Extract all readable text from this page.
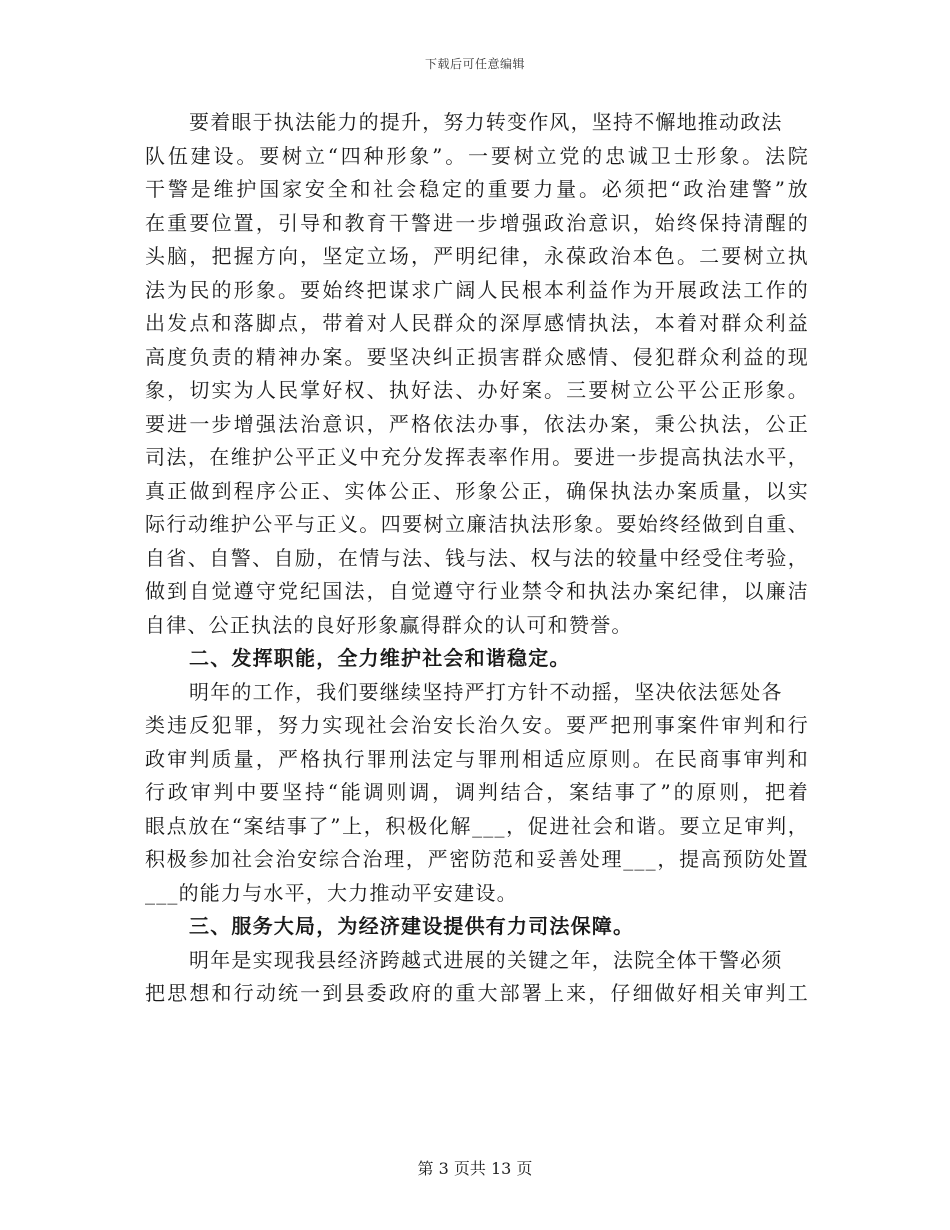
下载后可任意编辑
要着眼于执法能力的提升，努力转变作风，坚持不懈地推动政法
队伍建设。要树立“四种形象”。一要树立党的忠诚卫士形象。法院
干警是维护国家安全和社会稳定的重要力量。必须把“政治建警”放
在重要位置，引导和教育干警进一步增强政治意识，始终保持清醒的
头脑，把握方向，坚定立场，严明纪律，永葆政治本色。二要树立执
法为民的形象。要始终把谋求广阔人民根本利益作为开展政法工作的
出发点和落脚点，带着对人民群众的深厚感情执法，本着对群众利益
高度负责的精神办案。要坚决纠正损害群众感情、侵犯群众利益的现
象，切实为人民掌好权、执好法、办好案。三要树立公平公正形象。
要进一步增强法治意识，严格依法办事，依法办案，秉公执法，公正
司法，在维护公平正义中充分发挥表率作用。要进一步提高执法水平，
真正做到程序公正、实体公正、形象公正，确保执法办案质量，以实
际行动维护公平与正义。四要树立廉洁执法形象。要始终经做到自重、
自省、自警、自励，在情与法、钱与法、权与法的较量中经受住考验，
做到自觉遵守党纪国法，自觉遵守行业禁令和执法办案纪律，以廉洁
自律、公正执法的良好形象赢得群众的认可和赞誉。
二、发挥职能，全力维护社会和谐稳定。
明年的工作，我们要继续坚持严打方针不动摇，坚决依法惩处各
类违反犯罪，努力实现社会治安长治久安。要严把刑事案件审判和行
政审判质量，严格执行罪刑法定与罪刑相适应原则。在民商事审判和
行政审判中要坚持“能调则调，调判结合，案结事了”的原则，把着
眼点放在“案结事了”上，积极化解___，促进社会和谐。要立足审判，
积极参加社会治安综合治理，严密防范和妥善处理___，提高预防处置
___的能力与水平，大力推动平安建设。
三、服务大局，为经济建设提供有力司法保障。
明年是实现我县经济跨越式进展的关键之年，法院全体干警必须
把思想和行动统一到县委政府的重大部署上来，仔细做好相关审判工
第 3 页共 13 页
